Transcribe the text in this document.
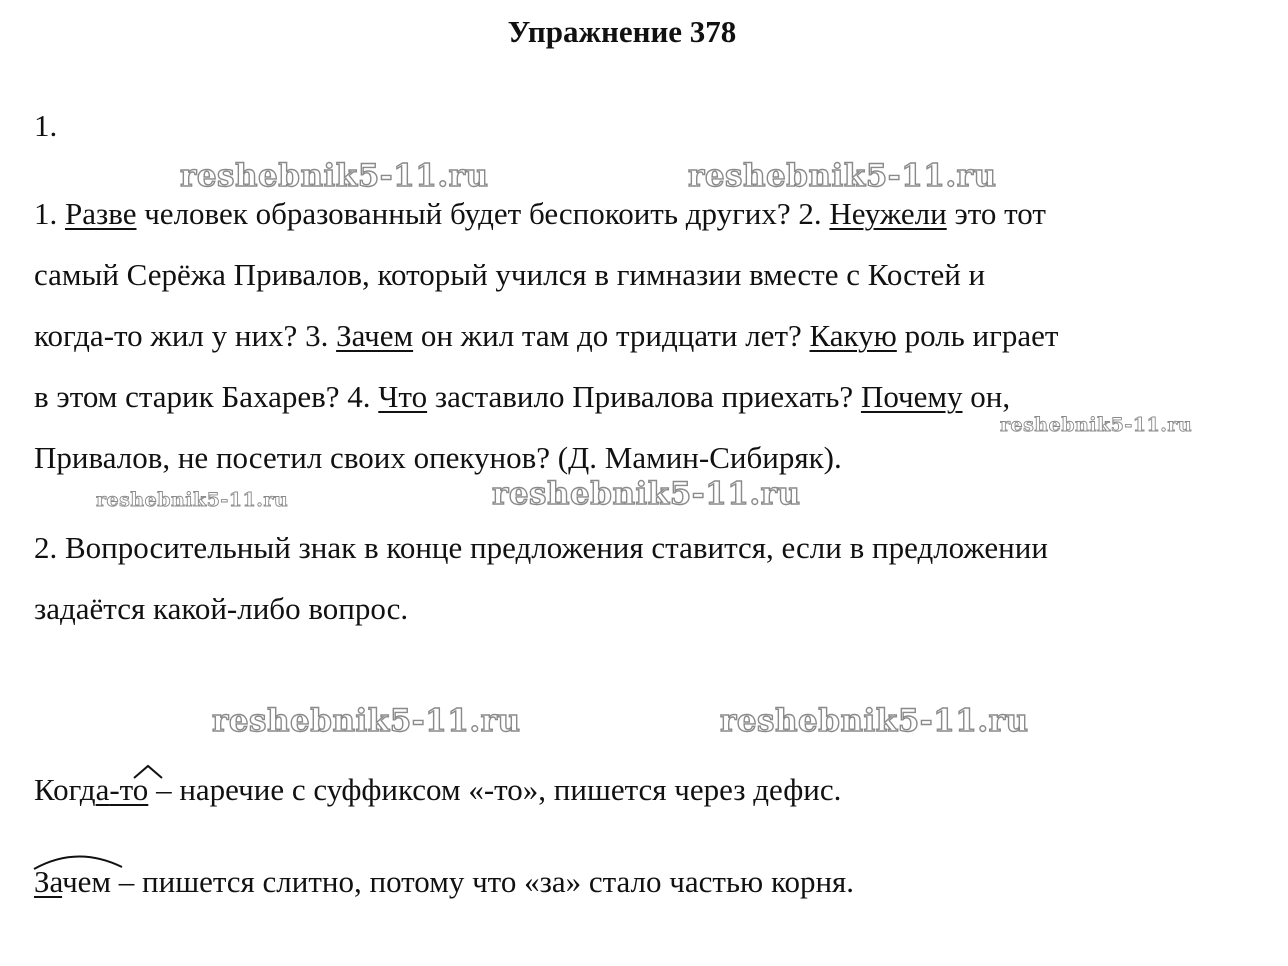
Упражнение 378
1.
reshebnik5-11.ru	reshebnik5-11.ru
reshebnik5-11.ru
reshebnik5-11.ru	reshebnik5-11.ru
reshebnik5-11.ru	reshebnik5-11.ru
1. Разве человек образованный будет беспокоить других? 2. Неужели это тот
самый Серёжа Привалов, который учился в гимназии вместе с Костей и
когда-то жил у них? 3. Зачем он жил там до тридцати лет? Какую роль играет
в этом старик Бахарев? 4. Что заставило Привалова приехать? Почему он,
Привалов, не посетил своих опекунов? (Д. Мамин-Сибиряк).
2. Вопросительный знак в конце предложения ставится, если в предложении
задаётся какой-либо вопрос.
Когда-то – наречие с суффиксом «-то», пишется через дефис.
Зачем – пишется слитно, потому что «за» стало частью корня.
